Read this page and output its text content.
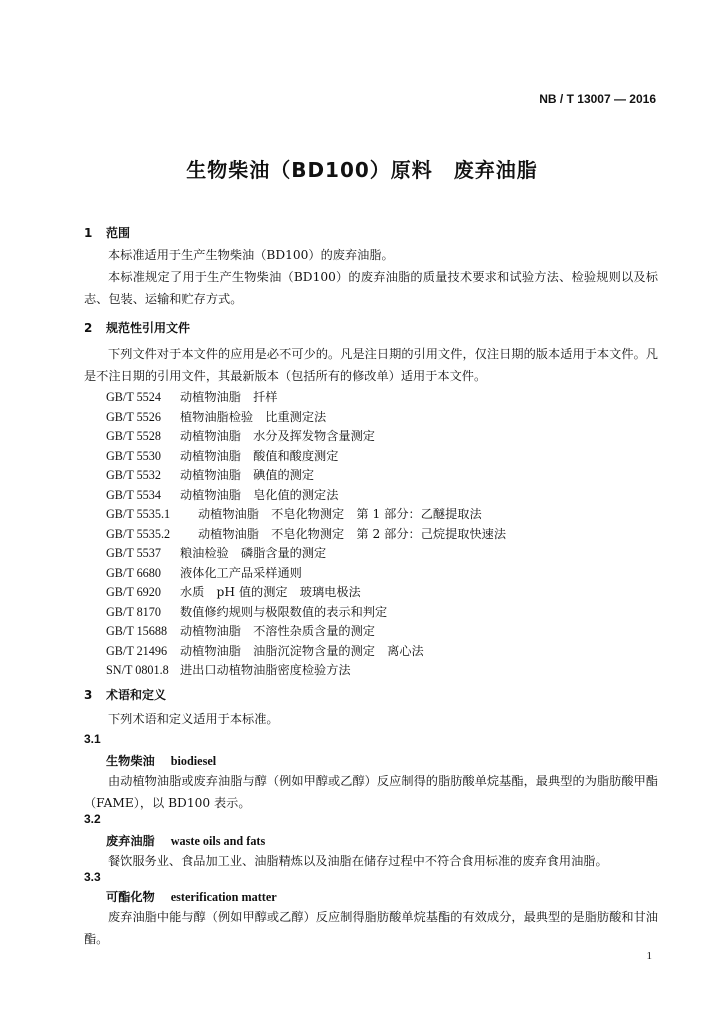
NB / T 13007 — 2016
生物柴油（BD100）原料　废弃油脂
1 范围
本标准适用于生产生物柴油（BD100）的废弃油脂。
本标准规定了用于生产生物柴油（BD100）的废弃油脂的质量技术要求和试验方法、检验规则以及标志、包装、运输和贮存方式。
2 规范性引用文件
下列文件对于本文件的应用是必不可少的。凡是注日期的引用文件，仅注日期的版本适用于本文件。凡是不注日期的引用文件，其最新版本（包括所有的修改单）适用于本文件。
GB/T 5524 动植物油脂　扦样
GB/T 5526 植物油脂检验　比重测定法
GB/T 5528 动植物油脂　水分及挥发物含量测定
GB/T 5530 动植物油脂　酸值和酸度测定
GB/T 5532 动植物油脂　碘值的测定
GB/T 5534 动植物油脂　皂化值的测定法
GB/T 5535.1 动植物油脂　不皂化物测定　第 1 部分：乙醚提取法
GB/T 5535.2 动植物油脂　不皂化物测定　第 2 部分：己烷提取快速法
GB/T 5537 粮油检验　磷脂含量的测定
GB/T 6680 液体化工产品采样通则
GB/T 6920 水质　pH 值的测定　玻璃电极法
GB/T 8170 数值修约规则与极限数值的表示和判定
GB/T 15688 动植物油脂　不溶性杂质含量的测定
GB/T 21496 动植物油脂　油脂沉淀物含量的测定　离心法
SN/T 0801.8 进出口动植物油脂密度检验方法
3 术语和定义
下列术语和定义适用于本标准。
3.1
生物柴油 biodiesel
由动植物油脂或废弃油脂与醇（例如甲醇或乙醇）反应制得的脂肪酸单烷基酯，最典型的为脂肪酸甲酯（FAME），以 BD100 表示。
3.2
废弃油脂 waste oils and fats
餐饮服务业、食品加工业、油脂精炼以及油脂在储存过程中不符合食用标准的废弃食用油脂。
3.3
可酯化物 esterification matter
废弃油脂中能与醇（例如甲醇或乙醇）反应制得脂肪酸单烷基酯的有效成分，最典型的是脂肪酸和甘油酯。
1
